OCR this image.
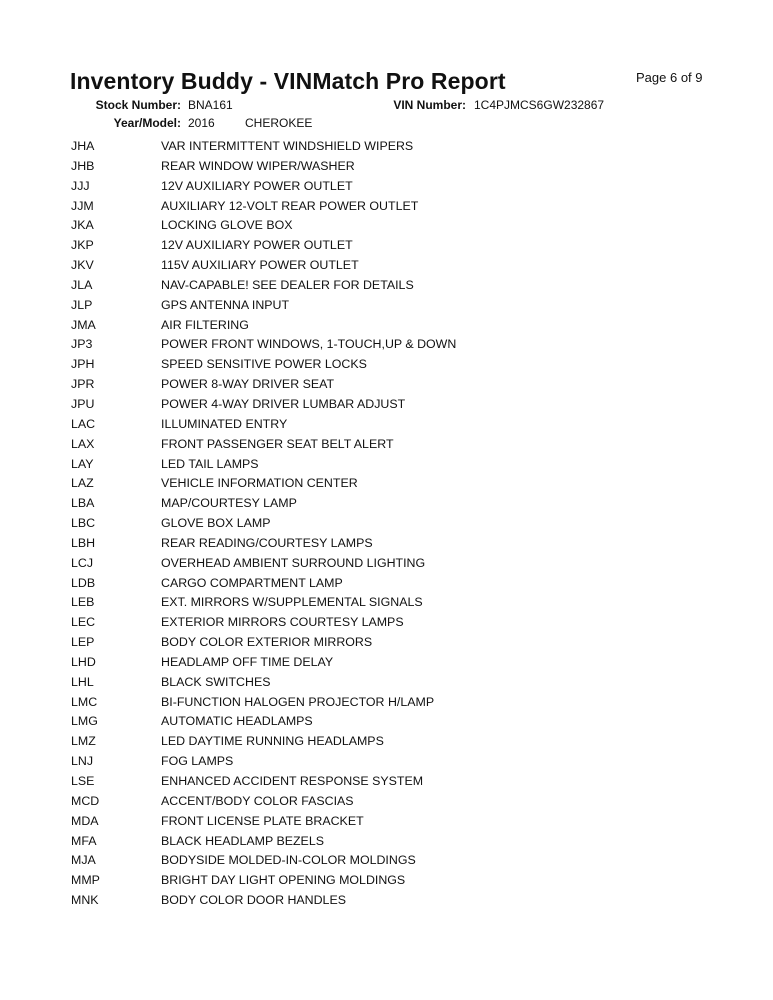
Inventory Buddy - VINMatch Pro Report	Page 6 of 9
Stock Number: BNA161	VIN Number: 1C4PJMCS6GW232867
Year/Model: 2016	CHEROKEE
JHA	VAR INTERMITTENT WINDSHIELD WIPERS
JHB	REAR WINDOW WIPER/WASHER
JJJ	12V AUXILIARY POWER OUTLET
JJM	AUXILIARY 12-VOLT REAR POWER OUTLET
JKA	LOCKING GLOVE BOX
JKP	12V AUXILIARY POWER OUTLET
JKV	115V AUXILIARY POWER OUTLET
JLA	NAV-CAPABLE! SEE DEALER FOR DETAILS
JLP	GPS ANTENNA INPUT
JMA	AIR FILTERING
JP3	POWER FRONT WINDOWS, 1-TOUCH,UP & DOWN
JPH	SPEED SENSITIVE POWER LOCKS
JPR	POWER 8-WAY DRIVER SEAT
JPU	POWER 4-WAY DRIVER LUMBAR ADJUST
LAC	ILLUMINATED ENTRY
LAX	FRONT PASSENGER SEAT BELT ALERT
LAY	LED TAIL LAMPS
LAZ	VEHICLE INFORMATION CENTER
LBA	MAP/COURTESY LAMP
LBC	GLOVE BOX LAMP
LBH	REAR READING/COURTESY LAMPS
LCJ	OVERHEAD AMBIENT SURROUND LIGHTING
LDB	CARGO COMPARTMENT LAMP
LEB	EXT. MIRRORS W/SUPPLEMENTAL SIGNALS
LEC	EXTERIOR MIRRORS COURTESY LAMPS
LEP	BODY COLOR EXTERIOR MIRRORS
LHD	HEADLAMP OFF TIME DELAY
LHL	BLACK SWITCHES
LMC	BI-FUNCTION HALOGEN PROJECTOR H/LAMP
LMG	AUTOMATIC HEADLAMPS
LMZ	LED DAYTIME RUNNING HEADLAMPS
LNJ	FOG LAMPS
LSE	ENHANCED ACCIDENT RESPONSE SYSTEM
MCD	ACCENT/BODY COLOR FASCIAS
MDA	FRONT LICENSE PLATE BRACKET
MFA	BLACK HEADLAMP BEZELS
MJA	BODYSIDE MOLDED-IN-COLOR MOLDINGS
MMP	BRIGHT DAY LIGHT OPENING MOLDINGS
MNK	BODY COLOR DOOR HANDLES
